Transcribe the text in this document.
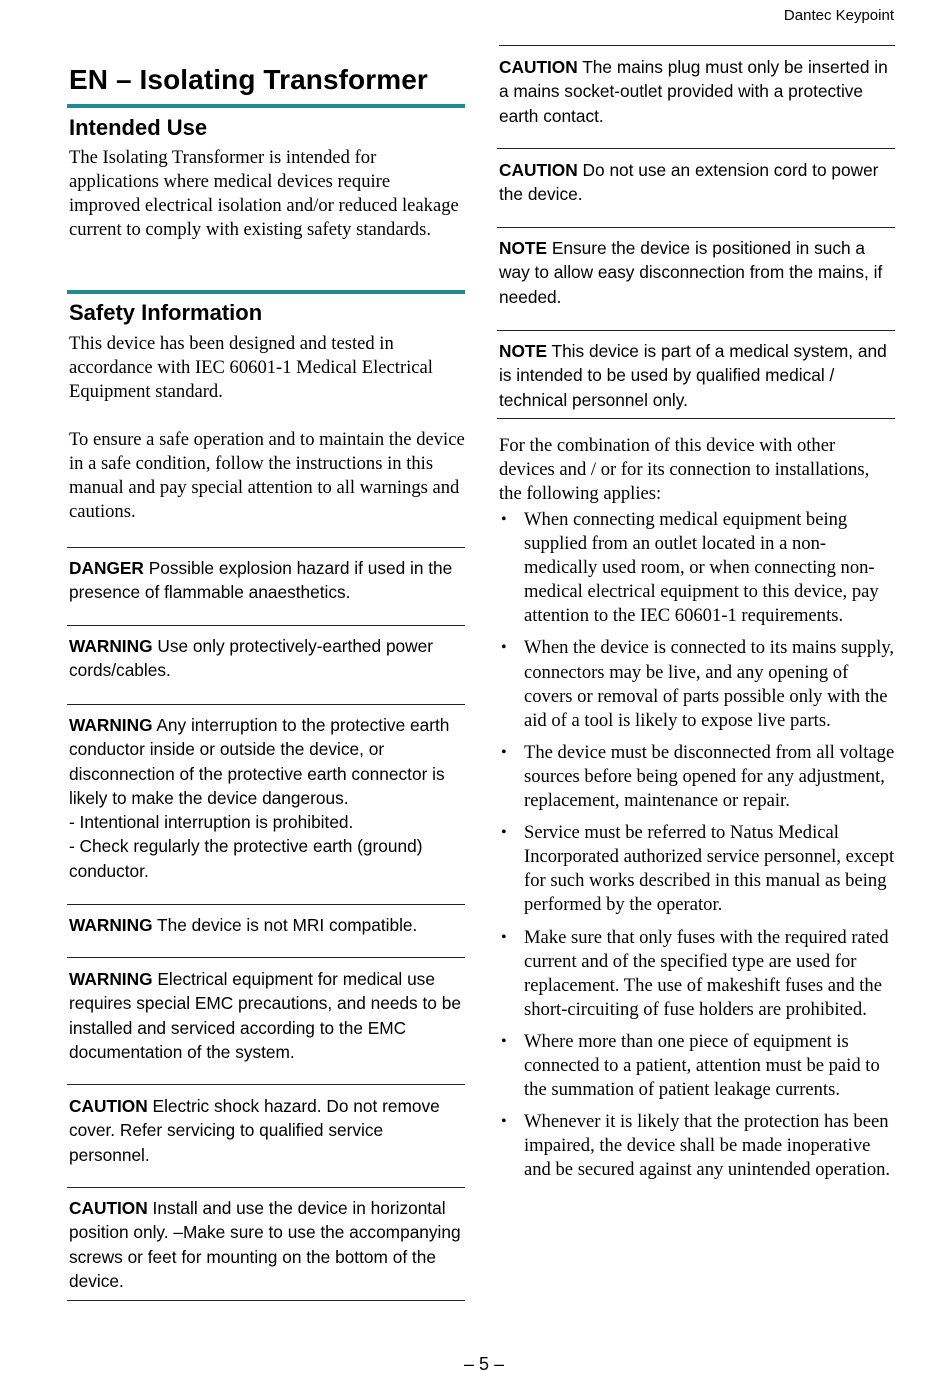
Dantec Keypoint
EN – Isolating Transformer
Intended Use

The Isolating Transformer is intended for applications where medical devices require improved electrical isolation and/or reduced leakage current to comply with existing safety standards.

Safety Information

This device has been designed and tested in accordance with IEC 60601-1 Medical Electrical Equipment standard.

To ensure a safe operation and to maintain the device in a safe condition, follow the instructions in this manual and pay special attention to all warnings and cautions.

DANGER Possible explosion hazard if used in the presence of flammable anaesthetics.

WARNING Use only protectively-earthed power cords/cables.

WARNING Any interruption to the protective earth conductor inside or outside the device, or disconnection of the protective earth connector is likely to make the device dangerous.
- Intentional interruption is prohibited.
- Check regularly the protective earth (ground) conductor.

WARNING The device is not MRI compatible.

WARNING Electrical equipment for medical use requires special EMC precautions, and needs to be installed and serviced according to the EMC documentation of the system.

CAUTION Electric shock hazard. Do not remove cover. Refer servicing to qualified service personnel.

CAUTION Install and use the device in horizontal position only. –Make sure to use the accompanying screws or feet for mounting on the bottom of the device.

CAUTION The mains plug must only be inserted in a mains socket-outlet provided with a protective earth contact.

CAUTION Do not use an extension cord to power the device.

NOTE Ensure the device is positioned in such a way to allow easy disconnection from the mains, if needed.

NOTE This device is part of a medical system, and is intended to be used by qualified medical / technical personnel only.

For the combination of this device with other devices and / or for its connection to installations, the following applies:

• When connecting medical equipment being supplied from an outlet located in a non-medically used room, or when connecting non-medical electrical equipment to this device, pay attention to the IEC 60601-1 requirements.
• When the device is connected to its mains supply, connectors may be live, and any opening of covers or removal of parts possible only with the aid of a tool is likely to expose live parts.
• The device must be disconnected from all voltage sources before being opened for any adjustment, replacement, maintenance or repair.
• Service must be referred to Natus Medical Incorporated authorized service personnel, except for such works described in this manual as being performed by the operator.
• Make sure that only fuses with the required rated current and of the specified type are used for replacement. The use of makeshift fuses and the short-circuiting of fuse holders are prohibited.
• Where more than one piece of equipment is connected to a patient, attention must be paid to the summation of patient leakage currents.
• Whenever it is likely that the protection has been impaired, the device shall be made inoperative and be secured against any unintended operation.
– 5 –
